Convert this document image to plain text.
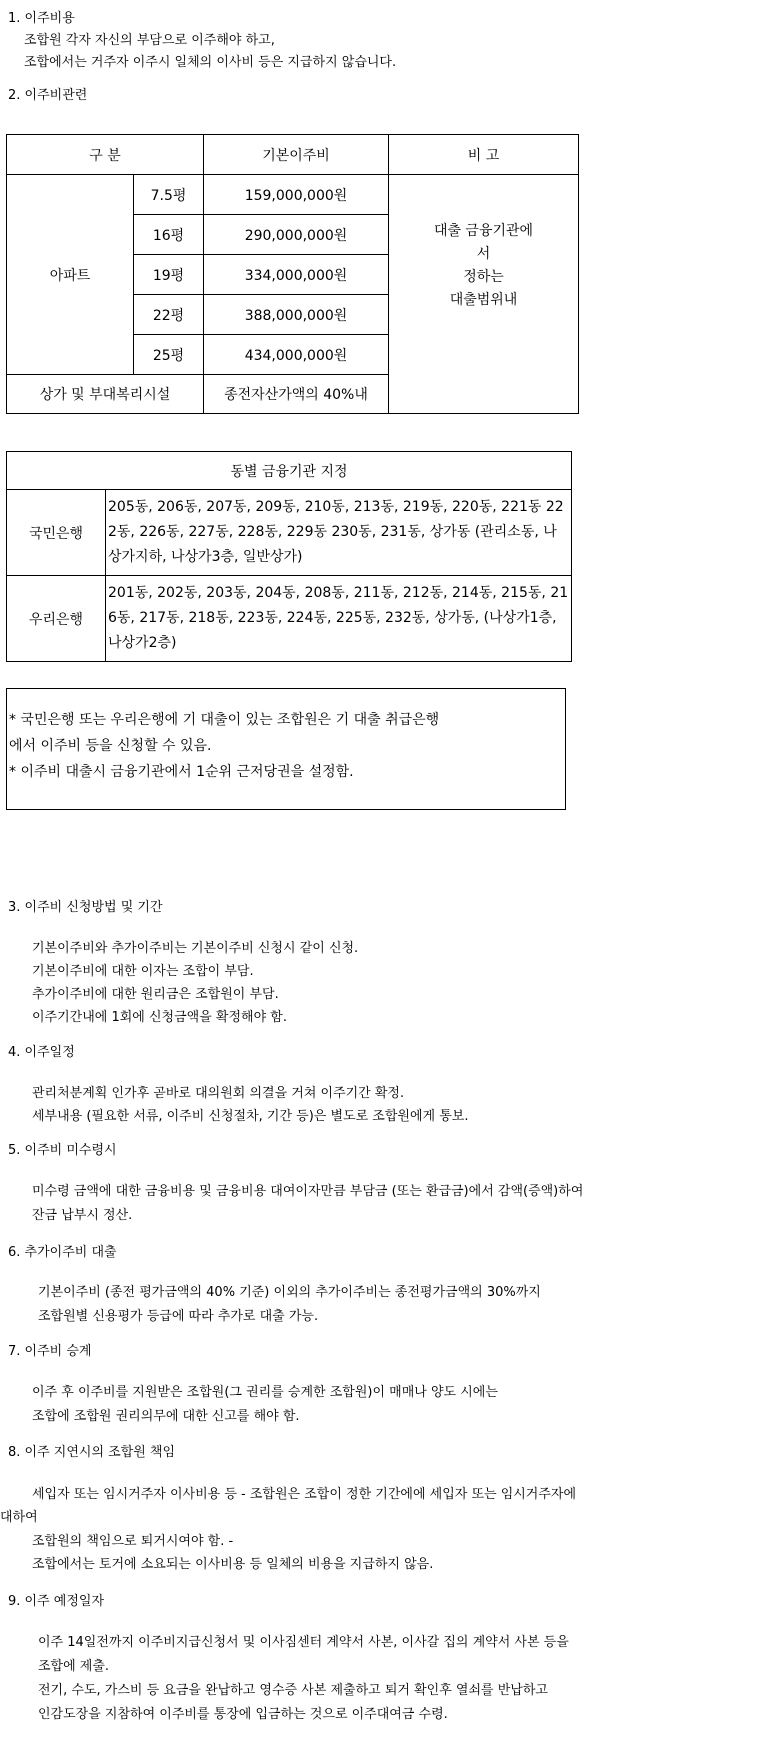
1. 이주비용
조합원 각자 자신의 부담으로 이주해야 하고,
조합에서는 거주자 이주시 일체의 이사비 등은 지급하지 않습니다.
2. 이주비관련
구 분		기본이주비	비 고
아파트	7.5평	159,000,000원	대출 금융기관에
서
정하는
대출범위내

	16평	290,000,000원	
	19평	334,000,000원	
	22평	388,000,000원	
	25평	434,000,000원	
상가 및 부대복리시설		종전자산가액의 40%내	
동별 금융기관 지정	
국민은행	205동, 206동, 207동, 209동, 210동, 213동, 219동, 220동, 221동 222동, 226동, 227동, 228동, 229동 230동, 231동, 상가동 (관리소동, 나상가지하, 나상가3층, 일반상가)
우리은행	201동, 202동, 203동, 204동, 208동, 211동, 212동, 214동, 215동, 216동, 217동, 218동, 223동, 224동, 225동, 232동, 상가동, (나상가1층, 나상가2층)
* 국민은행 또는 우리은행에 기 대출이 있는 조합원은 기 대출 취급은행
에서 이주비 등을 신청할 수 있음.
* 이주비 대출시 금융기관에서 1순위 근저당권을 설정함.
3. 이주비 신청방법 및 기간
기본이주비와 추가이주비는 기본이주비 신청시 같이 신청.
기본이주비에 대한 이자는 조합이 부담.
추가이주비에 대한 원리금은 조합원이 부담.
이주기간내에 1회에 신청금액을 확정해야 함.
4. 이주일정
관리처분계획 인가후 곧바로 대의원회 의결을 거쳐 이주기간 확정.
세부내용 (필요한 서류, 이주비 신청절차, 기간 등)은 별도로 조합원에게 통보.
5. 이주비 미수령시
미수령 금액에 대한 금융비용 및 금융비용 대여이자만큼 부담금 (또는 환급금)에서 감액(증액)하여
잔금 납부시 정산.
6. 추가이주비 대출
기본이주비 (종전 평가금액의 40% 기준) 이외의 추가이주비는 종전평가금액의 30%까지
조합원별 신용평가 등급에 따라 추가로 대출 가능.
7. 이주비 승계
이주 후 이주비를 지원받은 조합원(그 권리를 승계한 조합원)이 매매나 양도 시에는
조합에 조합원 권리의무에 대한 신고를 해야 함.
8. 이주 지연시의 조합원 책임
세입자 또는 임시거주자 이사비용 등 - 조합원은 조합이 정한 기간에에 세입자 또는 임시거주자에
대하여
조합원의 책임으로 퇴거시여야 함. -
조합에서는 토거에 소요되는 이사비용 등 일체의 비용을 지급하지 않음.
9. 이주 예정일자
이주 14일전까지 이주비지급신청서 및 이사짐센터 계약서 사본, 이사갈 집의 계약서 사본 등을
조합에 제출.
전기, 수도, 가스비 등 요금을 완납하고 영수증 사본 제출하고 퇴거 확인후 열쇠를 반납하고
인감도장을 지참하여 이주비를 통장에 입금하는 것으로 이주대여금 수령.
